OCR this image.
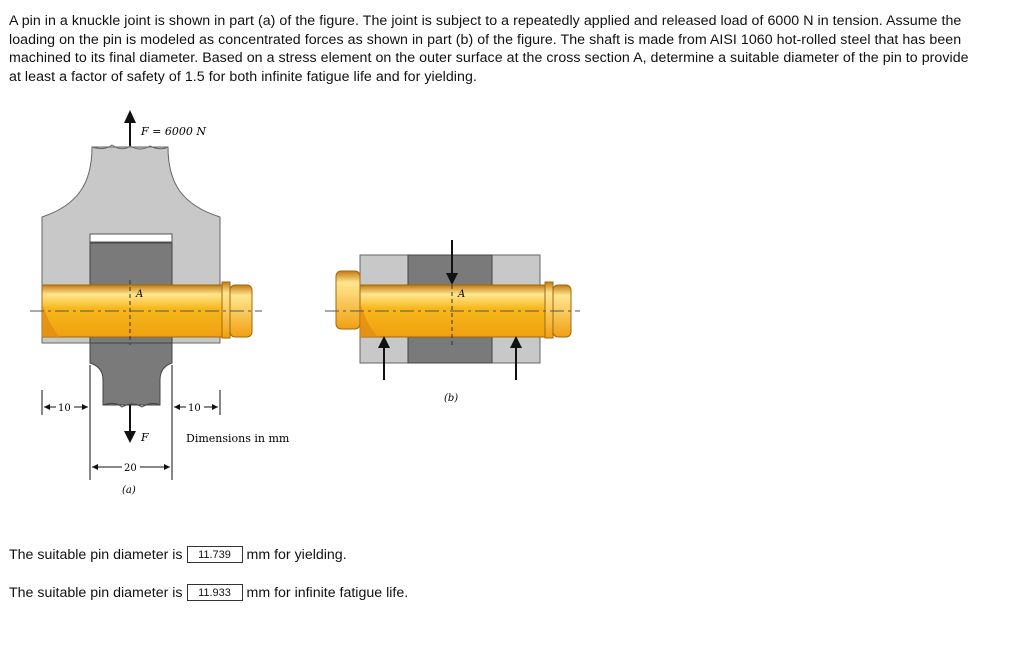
A pin in a knuckle joint is shown in part (a) of the figure. The joint is subject to a repeatedly applied and released load of 6000 N in tension. Assume the loading on the pin is modeled as concentrated forces as shown in part (b) of the figure. The shaft is made from AISI 1060 hot-rolled steel that has been machined to its final diameter. Based on a stress element on the outer surface at the cross section A, determine a suitable diameter of the pin to provide at least a factor of safety of 1.5 for both infinite fatigue life and for yielding.

F = 6000 N
A
F
10	10
20
(a)
Dimensions in mm
A
(b)
The suitable pin diameter is	11.739	mm for yielding.
The suitable pin diameter is	11.933	mm for infinite fatigue life.
